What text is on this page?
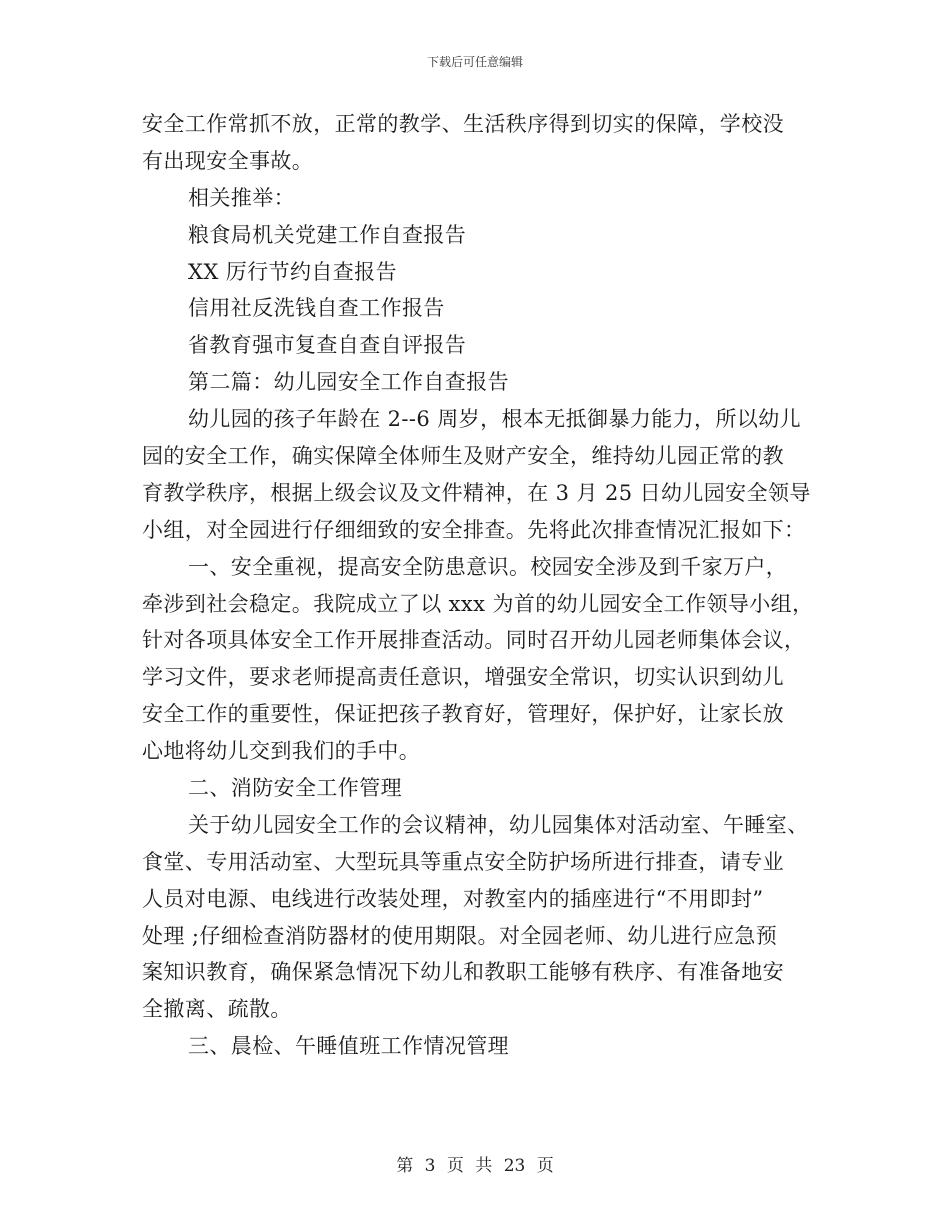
下载后可任意编辑
安全工作常抓不放，正常的教学、生活秩序得到切实的保障，学校没
有出现安全事故。
相关推举：
粮食局机关党建工作自查报告
XX 厉行节约自查报告
信用社反洗钱自查工作报告
省教育强市复查自查自评报告
第二篇：幼儿园安全工作自查报告
幼儿园的孩子年龄在 2--6 周岁，根本无抵御暴力能力，所以幼儿
园的安全工作，确实保障全体师生及财产安全，维持幼儿园正常的教
育教学秩序，根据上级会议及文件精神，在 3 月 25 日幼儿园安全领导
小组，对全园进行仔细细致的安全排查。先将此次排查情况汇报如下：
一、安全重视，提高安全防患意识。校园安全涉及到千家万户，
牵涉到社会稳定。我院成立了以 xxx 为首的幼儿园安全工作领导小组，
针对各项具体安全工作开展排查活动。同时召开幼儿园老师集体会议，
学习文件，要求老师提高责任意识，增强安全常识，切实认识到幼儿
安全工作的重要性，保证把孩子教育好，管理好，保护好，让家长放
心地将幼儿交到我们的手中。
二、消防安全工作管理
关于幼儿园安全工作的会议精神，幼儿园集体对活动室、午睡室、
食堂、专用活动室、大型玩具等重点安全防护场所进行排查，请专业
人员对电源、电线进行改装处理，对教室内的插座进行“不用即封”
处理 ;仔细检查消防器材的使用期限。对全园老师、幼儿进行应急预
案知识教育，确保紧急情况下幼儿和教职工能够有秩序、有准备地安
全撤离、疏散。
三、晨检、午睡值班工作情况管理
第 3 页 共 23 页
